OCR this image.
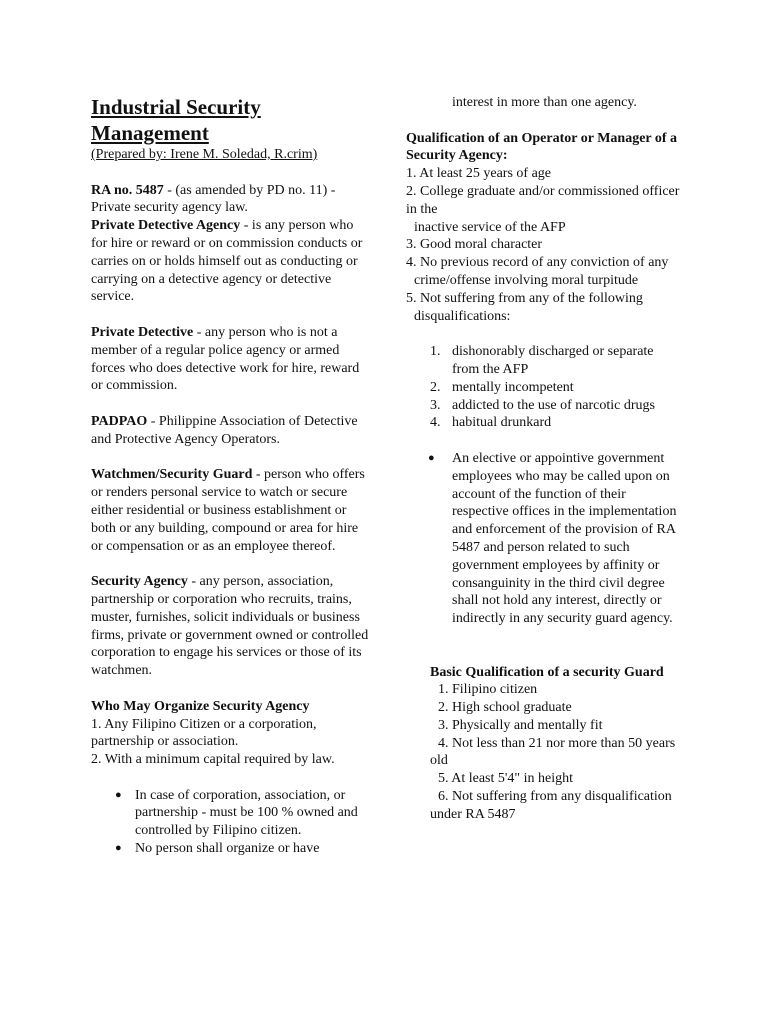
Industrial Security Management

(Prepared by: Irene M. Soledad, R.crim)

RA no. 5487 - (as amended by PD no. 11) - Private security agency law.

Private Detective Agency - is any person who for hire or reward or on commission conducts or carries on or holds himself out as conducting or carrying on a detective agency or detective service.

Private Detective - any person who is not a member of a regular police agency or armed forces who does detective work for hire, reward or commission.

PADPAO - Philippine Association of Detective and Protective Agency Operators.

Watchmen/Security Guard - person who offers or renders personal service to watch or secure either residential or business establishment or both or any building, compound or area for hire or compensation or as an employee thereof.

Security Agency - any person, association, partnership or corporation who recruits, trains, muster, furnishes, solicit individuals or business firms, private or government owned or controlled corporation to engage his services or those of its watchmen.

Who May Organize Security Agency

1. Any Filipino Citizen or a corporation, partnership or association.

2. With a minimum capital required by law.

● In case of corporation, association, or partnership - must be 100 % owned and controlled by Filipino citizen.
● No person shall organize or have

interest in more than one agency.

Qualification of an Operator or Manager of a Security Agency:

1. At least 25 years of age

2. College graduate and/or commissioned officer in the

inactive service of the AFP

3. Good moral character

4. No previous record of any conviction of any

crime/offense involving moral turpitude

5. Not suffering from any of the following

disqualifications:

1. dishonorably discharged or separate from the AFP
2. mentally incompetent
3. addicted to the use of narcotic drugs
4. habitual drunkard
● An elective or appointive government employees who may be called upon on account of the function of their respective offices in the implementation and enforcement of the provision of RA 5487 and person related to such government employees by affinity or consanguinity in the third civil degree shall not hold any interest, directly or indirectly in any security guard agency.

Basic Qualification of a security Guard

1. Filipino citizen

2. High school graduate

3. Physically and mentally fit

4. Not less than 21 nor more than 50 years old

5. At least 5'4" in height

6. Not suffering from any disqualification under RA 5487
